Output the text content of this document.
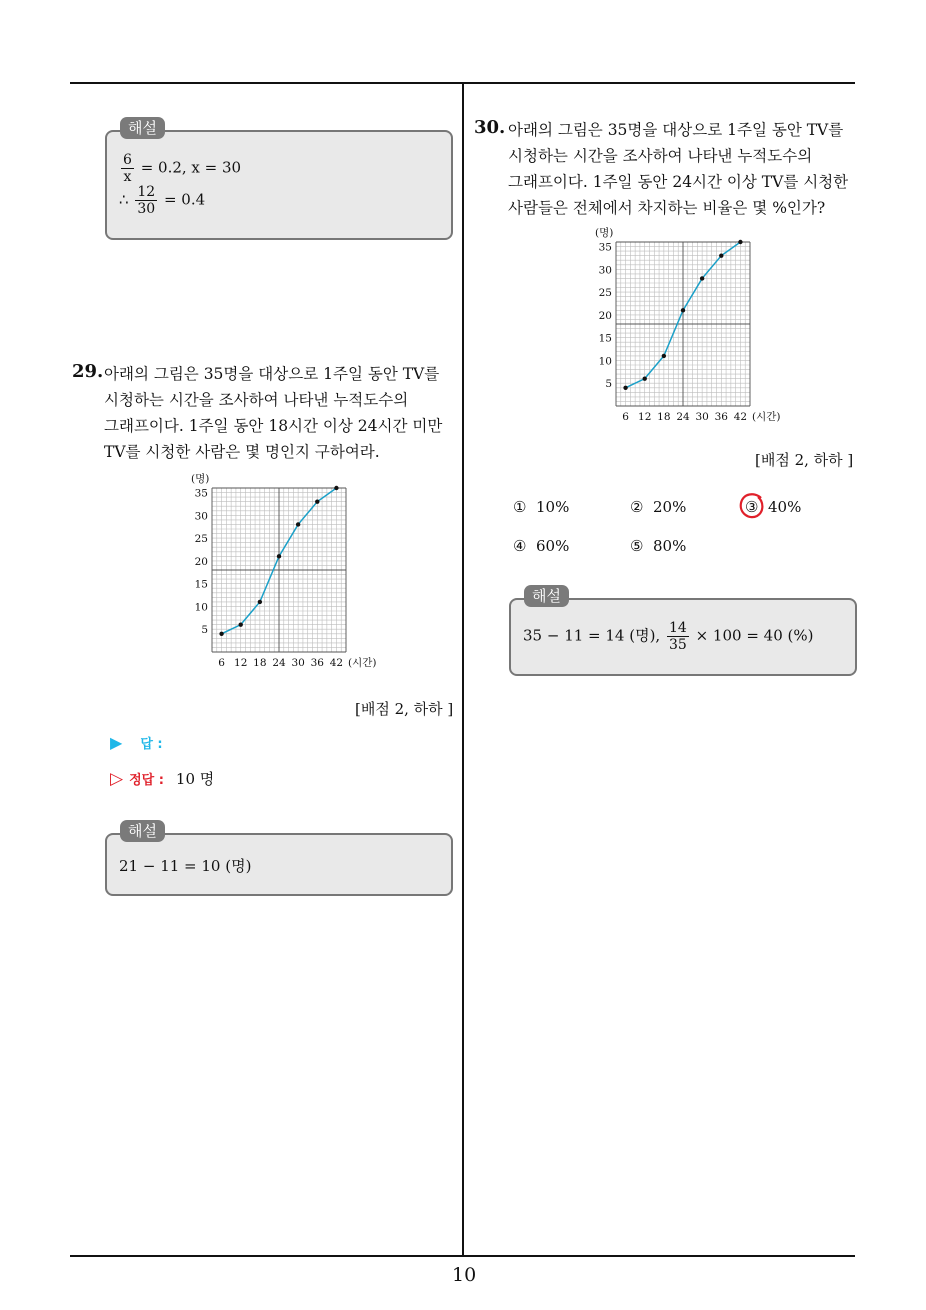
$\frac{6}{x} = 0.2$, x = 30
∴ $\frac{12}{30} = 0.4$
해설
29. 아래의 그림은 35명을 대상으로 1주일 동안 TV를
시청하는 시간을 조사하여 나타낸 누적도수의
그래프이다. 1주일 동안 18시간 이상 24시간 미만
TV를 시청한 사람은 몇 명인지 구하여라.
6 12 18 24 30 36 42
5
10
15
20
25
30
35
(명)
(시간)
[배점 2, 하하 ]
▶ 답 :
▷ 정답 : 10 명
21 − 11 = 10 (명)
해설
30. 아래의 그림은 35명을 대상으로 1주일 동안 TV를
시청하는 시간을 조사하여 나타낸 누적도수의
그래프이다. 1주일 동안 24시간 이상 TV를 시청한
사람들은 전체에서 차지하는 비율은 몇 %인가?
6 12 18 24 30 36 42
5
10
15
20
25
30
35
(명)
(시간)
[배점 2, 하하 ]
① 10%	② 20%	③ 40%
④ 60%	⑤ 80%
35 − 11 = 14 (명), $\frac{14}{35} \times 100 = 40$ (%)
해설
10
